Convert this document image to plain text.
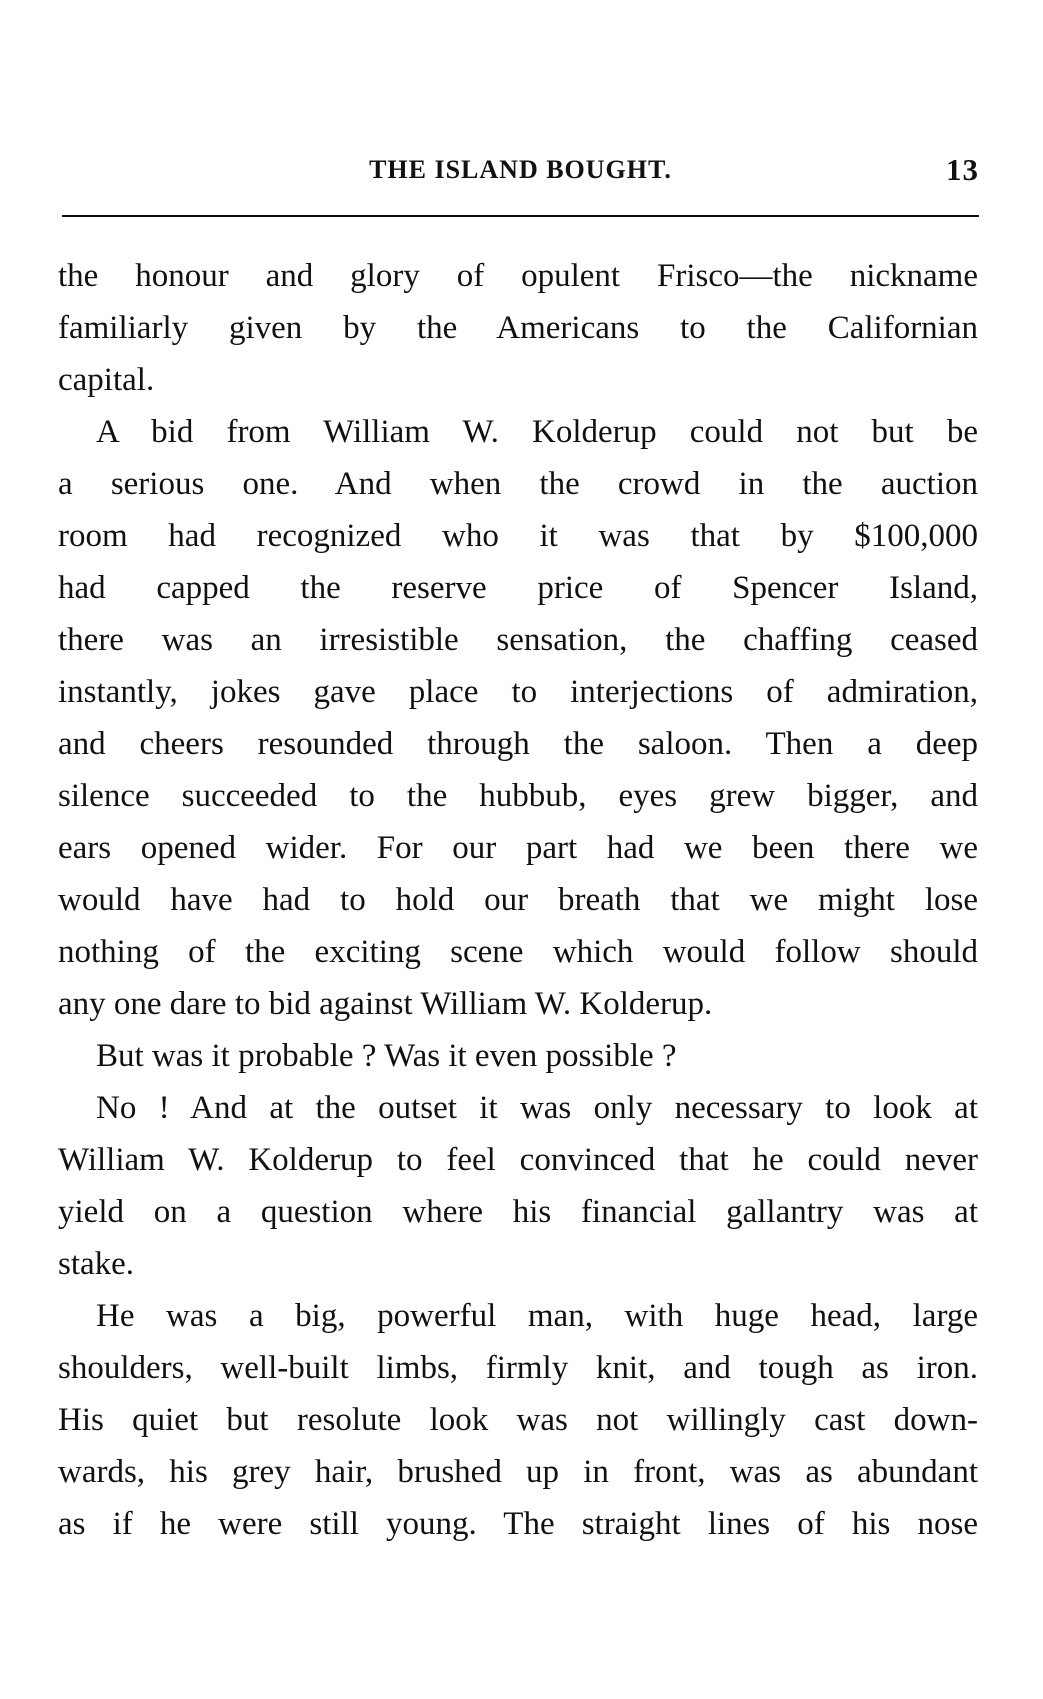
THE ISLAND BOUGHT.	13
the honour and glory of opulent Frisco—the nickname
familiarly given by the Americans to the Californian
capital.
A bid from William W. Kolderup could not but be
a serious one. And when the crowd in the auction
room had recognized who it was that by $100,000
had capped the reserve price of Spencer Island,
there was an irresistible sensation, the chaffing ceased
instantly, jokes gave place to interjections of admiration,
and cheers resounded through the saloon. Then a deep
silence succeeded to the hubbub, eyes grew bigger, and
ears opened wider. For our part had we been there we
would have had to hold our breath that we might lose
nothing of the exciting scene which would follow should
any one dare to bid against William W. Kolderup.
But was it probable ? Was it even possible ?
No ! And at the outset it was only necessary to look at
William W. Kolderup to feel convinced that he could never
yield on a question where his financial gallantry was at
stake.
He was a big, powerful man, with huge head, large
shoulders, well-built limbs, firmly knit, and tough as iron.
His quiet but resolute look was not willingly cast down-
wards, his grey hair, brushed up in front, was as abundant
as if he were still young. The straight lines of his nose
